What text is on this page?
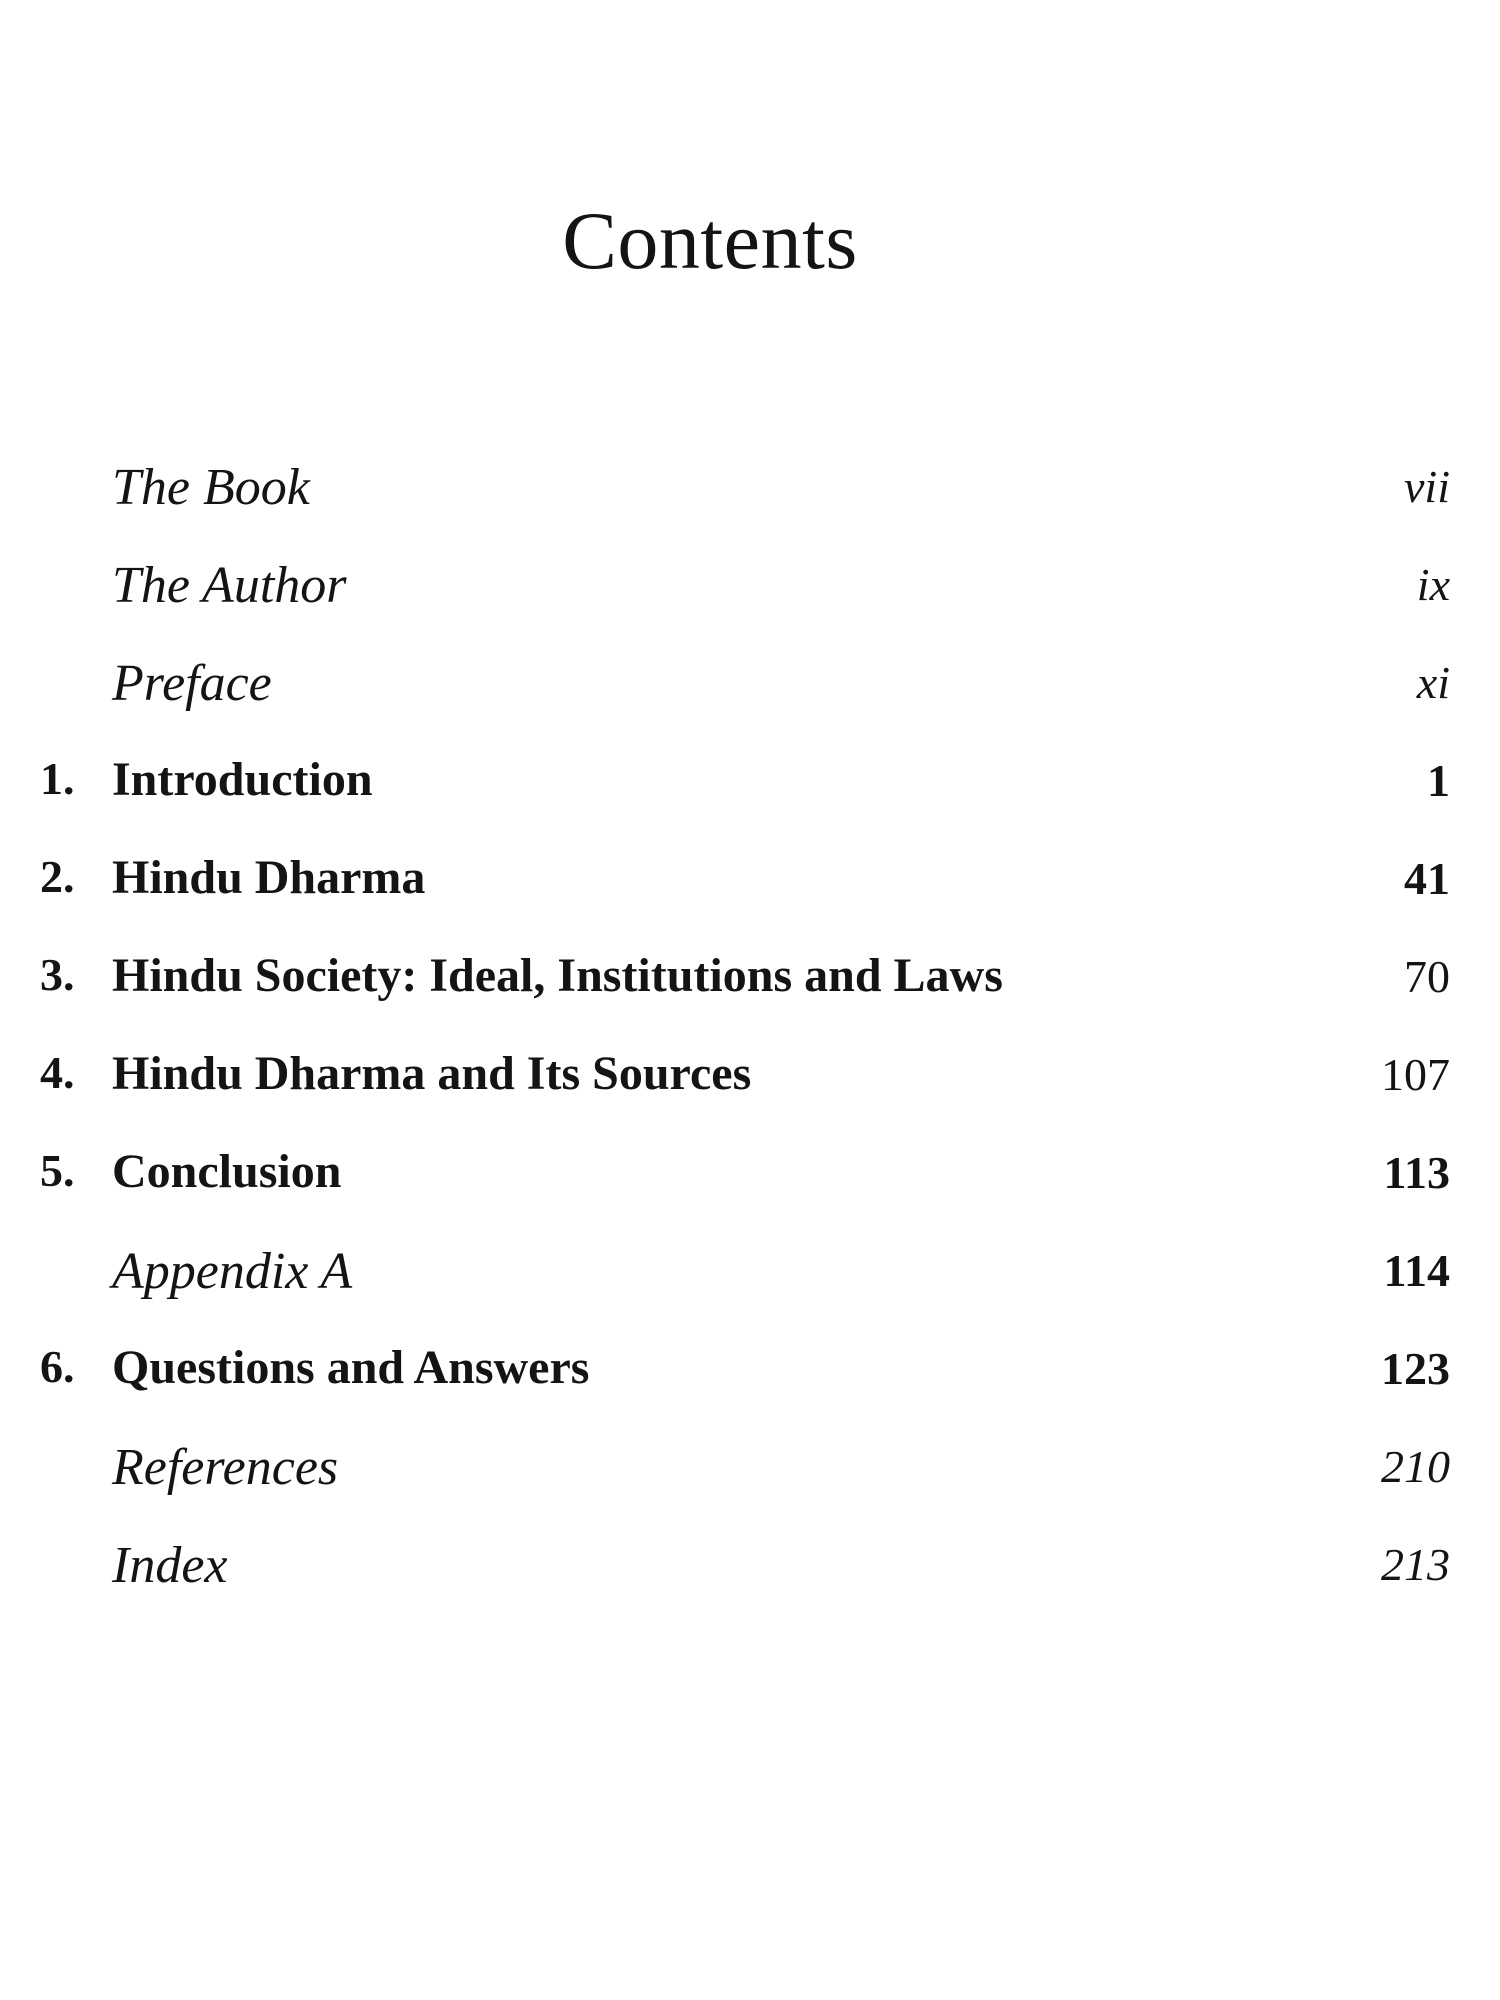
Contents
The Book	vii
The Author	ix
Preface	xi
1. Introduction	1
2. Hindu Dharma	41
3. Hindu Society: Ideal, Institutions and Laws	70
4. Hindu Dharma and Its Sources	107
5. Conclusion	113
Appendix A	114
6. Questions and Answers	123
References	210
Index	213
